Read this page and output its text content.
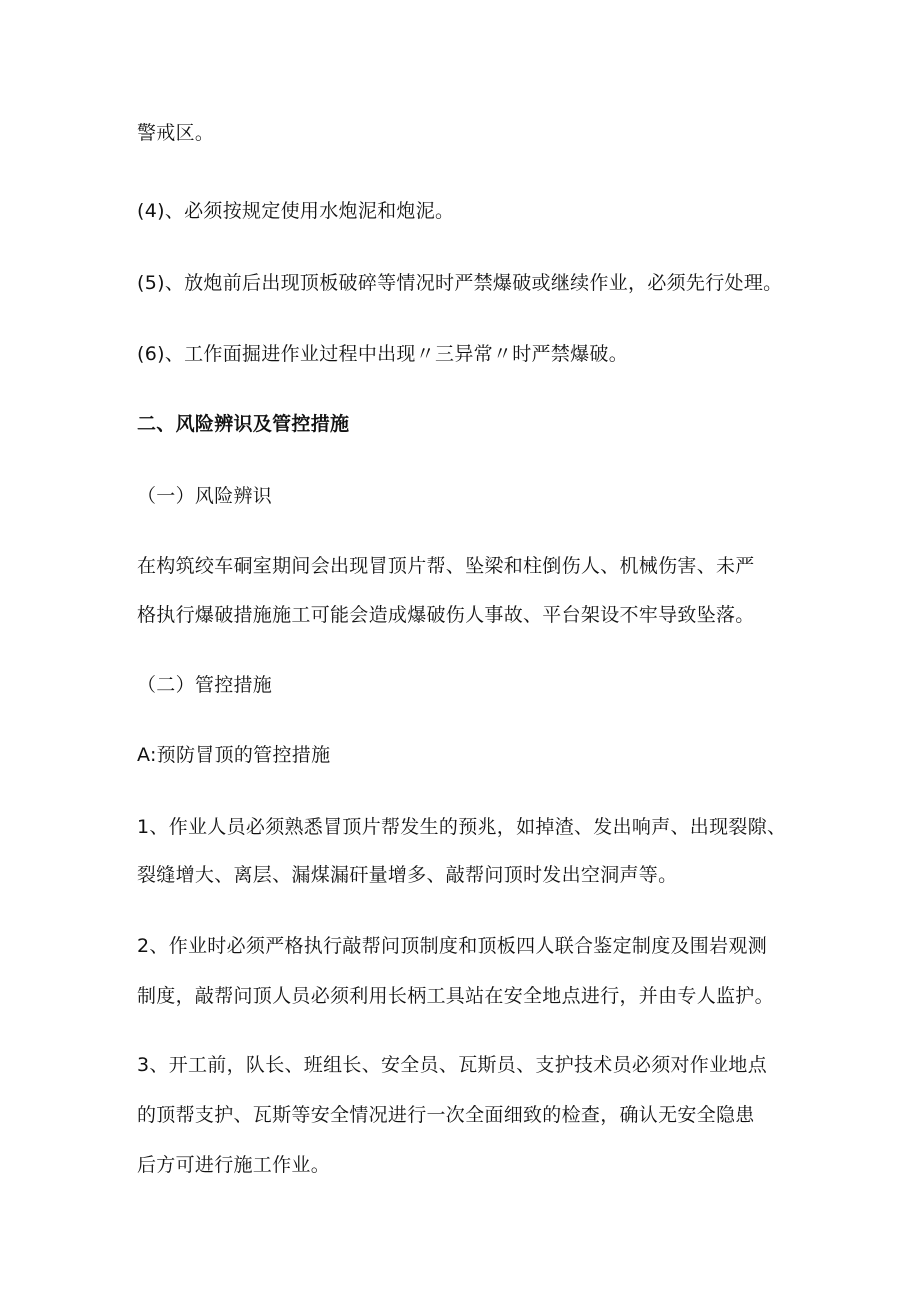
警戒区。
(4)、必须按规定使用水炮泥和炮泥。
(5)、放炮前后出现顶板破碎等情况时严禁爆破或继续作业，必须先行处理。
(6)、工作面掘进作业过程中出现〃三异常〃时严禁爆破。
二、风险辨识及管控措施
（一）风险辨识
在构筑绞车硐室期间会出现冒顶片帮、坠梁和柱倒伤人、机械伤害、未严
格执行爆破措施施工可能会造成爆破伤人事故、平台架设不牢导致坠落。
（二）管控措施
A:预防冒顶的管控措施
1、作业人员必须熟悉冒顶片帮发生的预兆，如掉渣、发出响声、出现裂隙、
裂缝增大、离层、漏煤漏矸量增多、敲帮问顶时发出空洞声等。
2、作业时必须严格执行敲帮问顶制度和顶板四人联合鉴定制度及围岩观测
制度，敲帮问顶人员必须利用长柄工具站在安全地点进行，并由专人监护。
3、开工前，队长、班组长、安全员、瓦斯员、支护技术员必须对作业地点
的顶帮支护、瓦斯等安全情况进行一次全面细致的检查，确认无安全隐患
后方可进行施工作业。
